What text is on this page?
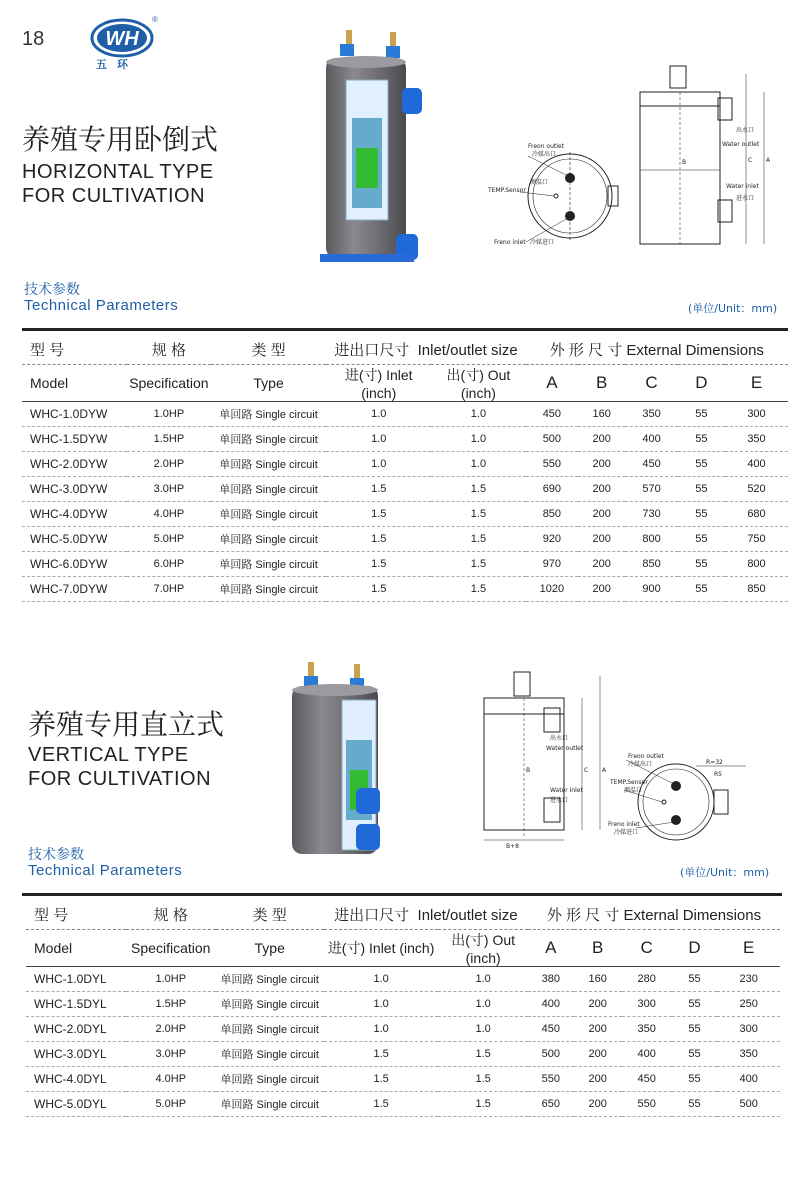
18	WH
®
五环
养殖专用卧倒式
HORIZONTAL TYPE
FOR CULTIVATION
Freon outlet
冷媒出口
测温口
TEMP.Sensor
Freno inlet 冷媒进口
出水口
Water outlet
Water inlet
进水口
B	C A
技术参数
Technical Parameters	(单位/Unit：mm)
型 号	规 格	类 型	进出口尺寸 Inlet/outlet size		外 形 尺 寸 External Dimensions				
Model	Specification	Type	进(寸) Inlet (inch)	出(寸) Out (inch)	A	B	C	D	E
WHC-1.0DYW	1.0HP	单回路 Single circuit	1.0	1.0	450	160	350	55	300
WHC-1.5DYW	1.5HP	单回路 Single circuit	1.0	1.0	500	200	400	55	350
WHC-2.0DYW	2.0HP	单回路 Single circuit	1.0	1.0	550	200	450	55	400
WHC-3.0DYW	3.0HP	单回路 Single circuit	1.5	1.5	690	200	570	55	520
WHC-4.0DYW	4.0HP	单回路 Single circuit	1.5	1.5	850	200	730	55	680
WHC-5.0DYW	5.0HP	单回路 Single circuit	1.5	1.5	920	200	800	55	750
WHC-6.0DYW	6.0HP	单回路 Single circuit	1.5	1.5	970	200	850	55	800
WHC-7.0DYW	7.0HP	单回路 Single circuit	1.5	1.5	1020	200	900	55	850
养殖专用直立式
VERTICAL TYPE
FOR CULTIVATION
出水口
Water outlet
Water inlet
进水口
B+8
B	C A
Freon outlet
冷媒出口
TEMP.Sensor
测温口
Freno inlet
冷媒进口
R=32
R5
技术参数
Technical Parameters	(单位/Unit：mm)
型 号	规 格	类 型	进出口尺寸 Inlet/outlet size		外 形 尺 寸 External Dimensions				
Model	Specification	Type	进(寸) Inlet (inch)	出(寸) Out (inch)	A	B	C	D	E
WHC-1.0DYL	1.0HP	单回路 Single circuit	1.0	1.0	380	160	280	55	230
WHC-1.5DYL	1.5HP	单回路 Single circuit	1.0	1.0	400	200	300	55	250
WHC-2.0DYL	2.0HP	单回路 Single circuit	1.0	1.0	450	200	350	55	300
WHC-3.0DYL	3.0HP	单回路 Single circuit	1.5	1.5	500	200	400	55	350
WHC-4.0DYL	4.0HP	单回路 Single circuit	1.5	1.5	550	200	450	55	400
WHC-5.0DYL	5.0HP	单回路 Single circuit	1.5	1.5	650	200	550	55	500
